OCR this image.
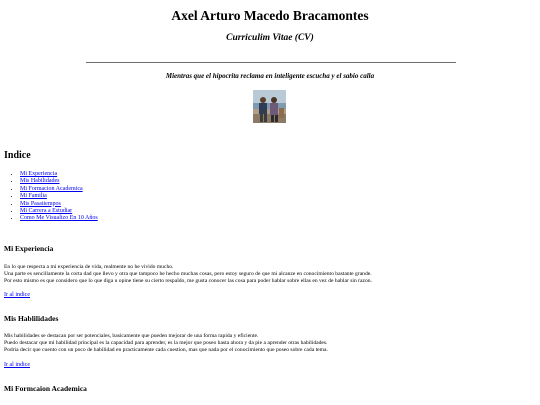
Axel Arturo Macedo Bracamontes
Curriculim Vitae (CV)

Mientras que el hipocrita reclama en inteligente escucha y el sabio calla

Indice
• Mi Experiencia
• Mis Habilidades
• Mi Formacion Academica
• Mi Familia
• Mis Pasatiempos
• Mi Carrera a Estudiar
• Como Me Visualizo En 10 Años
Mi Experiencia
En lo que respecta a mi experiencia de vida, realmente no he vivido mucho.
Una parte es sencillamente la corta dad que llevo y otra que tampoco he hecho muchas cosas, pero estoy seguro de que mi alcanze en conocimiento bastante grande.
Por esto mismo es que considero que lo que diga u opine tiene su cierto respaldo, me gusta conocer las cosa para poder hablar sobre ellas en vez de hablar sin razon.

Ir al indice

Mis Hablilidades
Mis habilidades se destacan por ser potenciales, basicamente que pueden mejorar de una forma rapida y eficiente.
Puedo destacar que mi habilidad principal es la capacidad para aprender, es la mejor que poseo hasta ahora y da pie a aprender otras habilidades.
Podria decir que cuento con un poco de habilidad en practicamente cada cuestion, mas que nada por el conocimiento que poseo sobre cada tema.

Ir al indice

Mi Formcaion Academica
